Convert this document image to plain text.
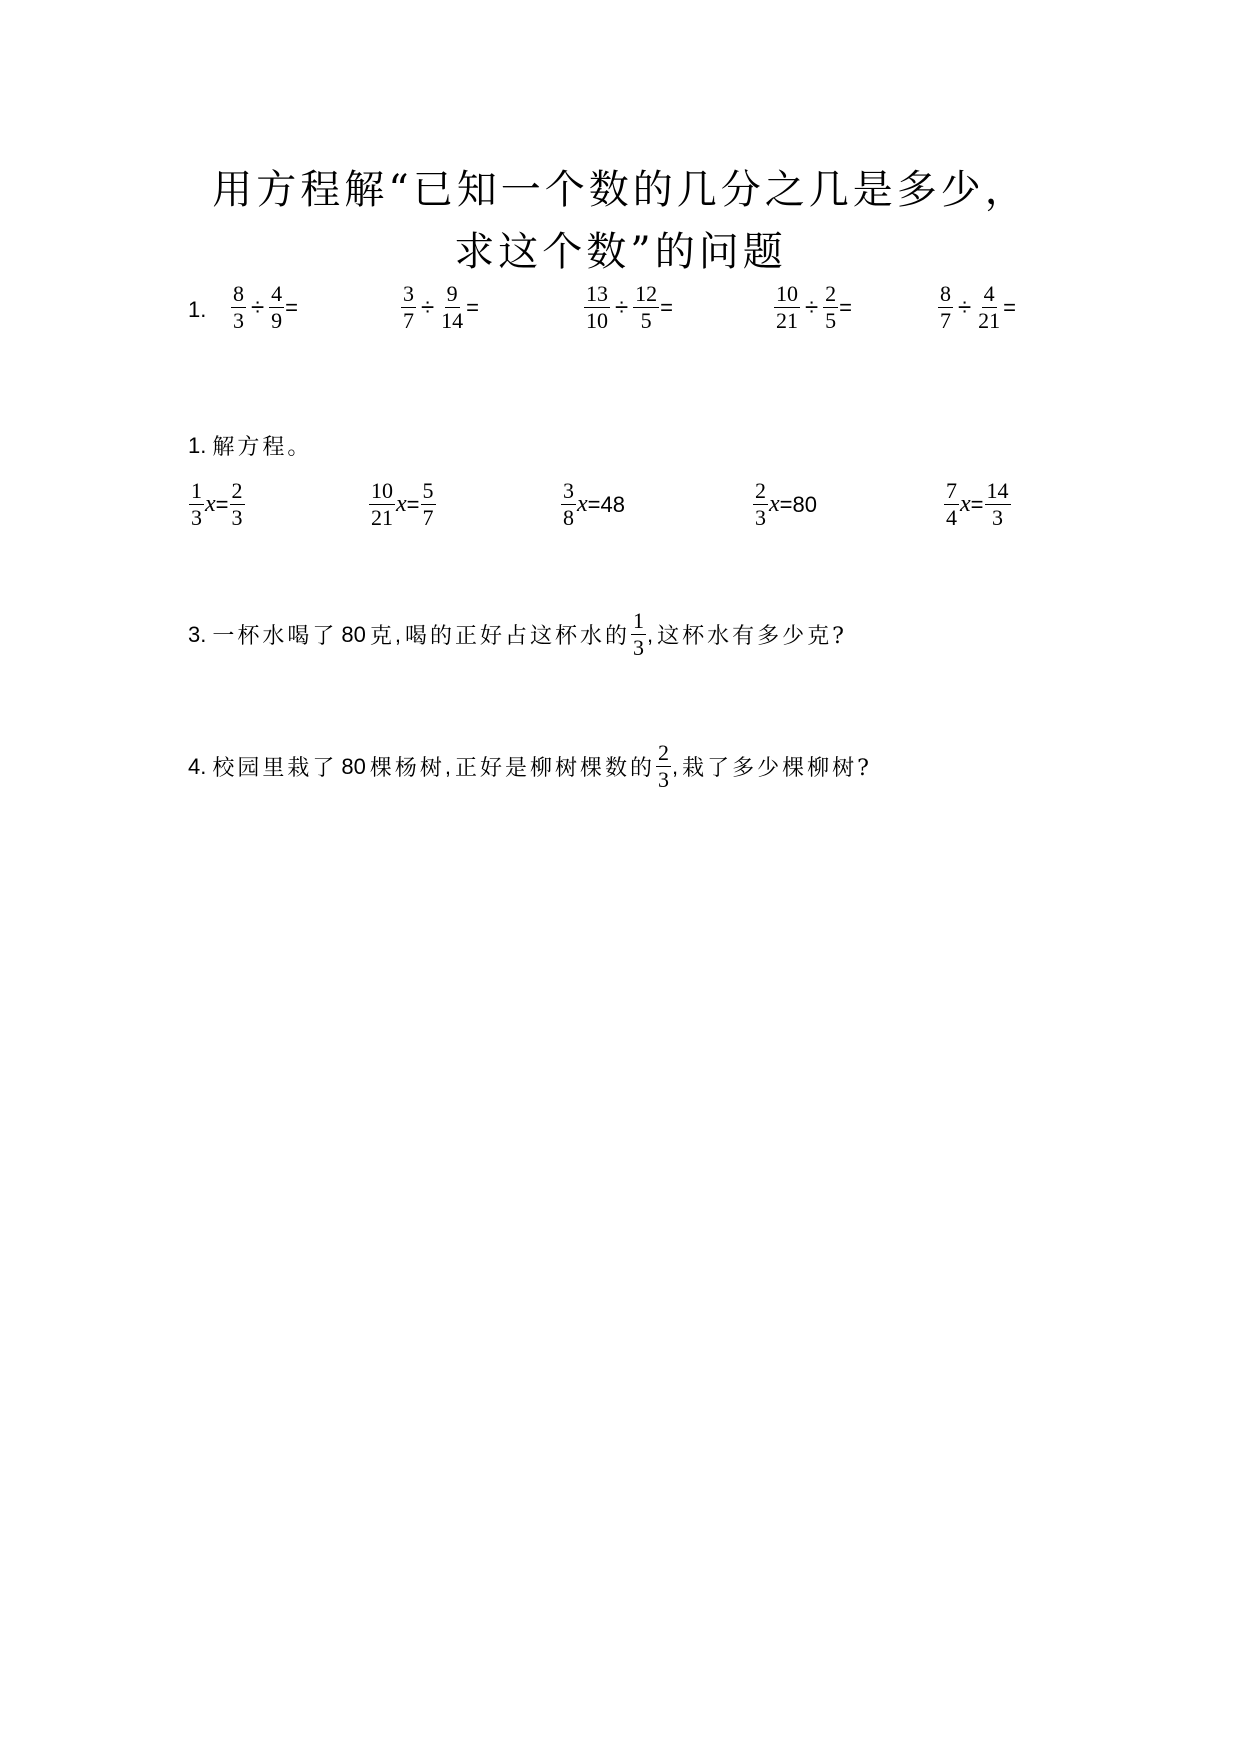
用方程解“已知一个数的几分之几是多少，
求这个数”的问题
1. $\frac{8}{3} \div \frac{4}{9}$ =	$\frac{3}{7} \div \frac{9}{14}$ =	$\frac{13}{10} \div \frac{12}{5}$ =	$\frac{10}{21} \div \frac{2}{5}$ =	$\frac{8}{7} \div \frac{4}{21}$ =
1. 解方程。
$\frac{1}{3}$ $x = \frac{2}{3}$	$\frac{10}{21}$ $x = \frac{5}{7}$	$\frac{3}{8}$ x = 48	$\frac{2}{3}$ x = 80	$\frac{7}{4}$ $x = \frac{14}{3}$
3. 一杯水喝了 80 克 , 喝的正好占这杯水的 $\frac{1}{3}$ , 这杯水有多少克?
4. 校园里栽了 80 棵杨树 , 正好是柳树棵数的 $\frac{2}{3}$ , 栽了多少棵柳树?
